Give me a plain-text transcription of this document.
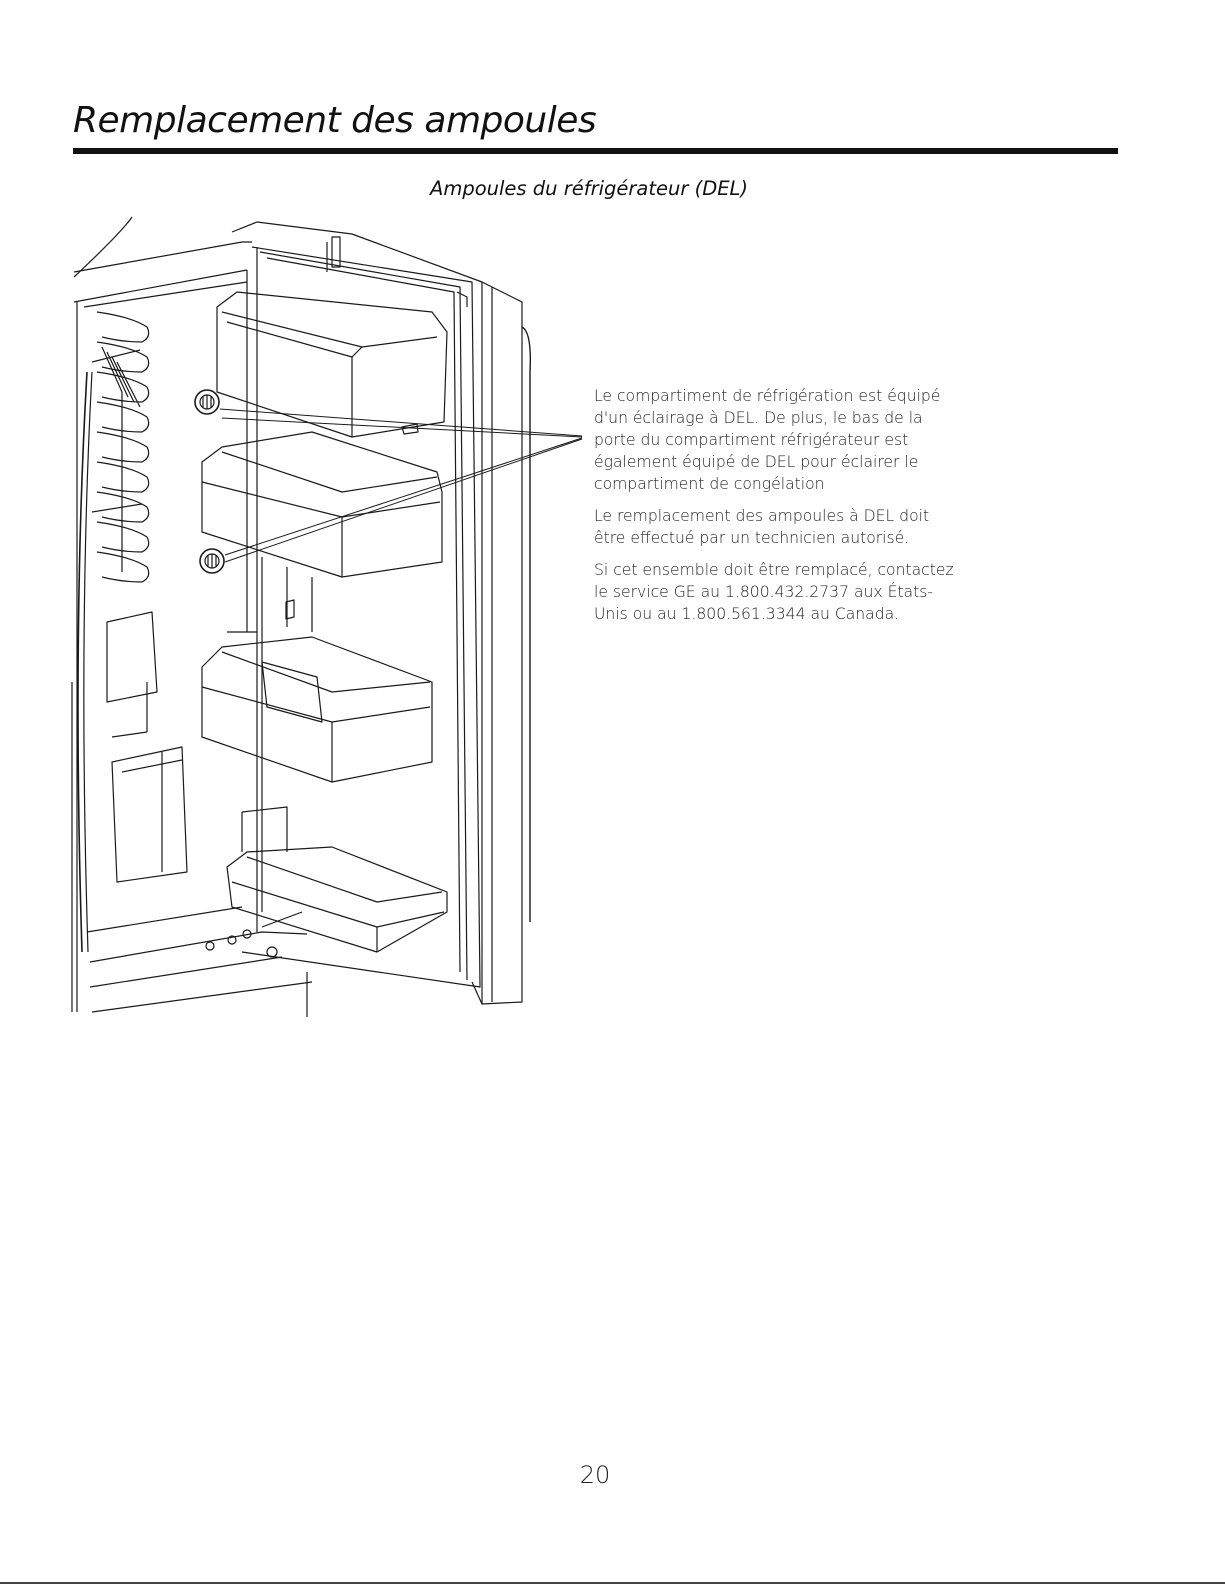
Remplacement des ampoules
Ampoules du réfrigérateur (DEL)

Le compartiment de réfrigération est équipé d'un éclairage à DEL. De plus, le bas de la porte du compartiment réfrigérateur est également équipé de DEL pour éclairer le compartiment de congélation

Le remplacement des ampoules à DEL doit être effectué par un technicien autorisé.

Si cet ensemble doit être remplacé, contactez le service GE au 1.800.432.2737 aux États-Unis ou au 1.800.561.3344 au Canada.

20
